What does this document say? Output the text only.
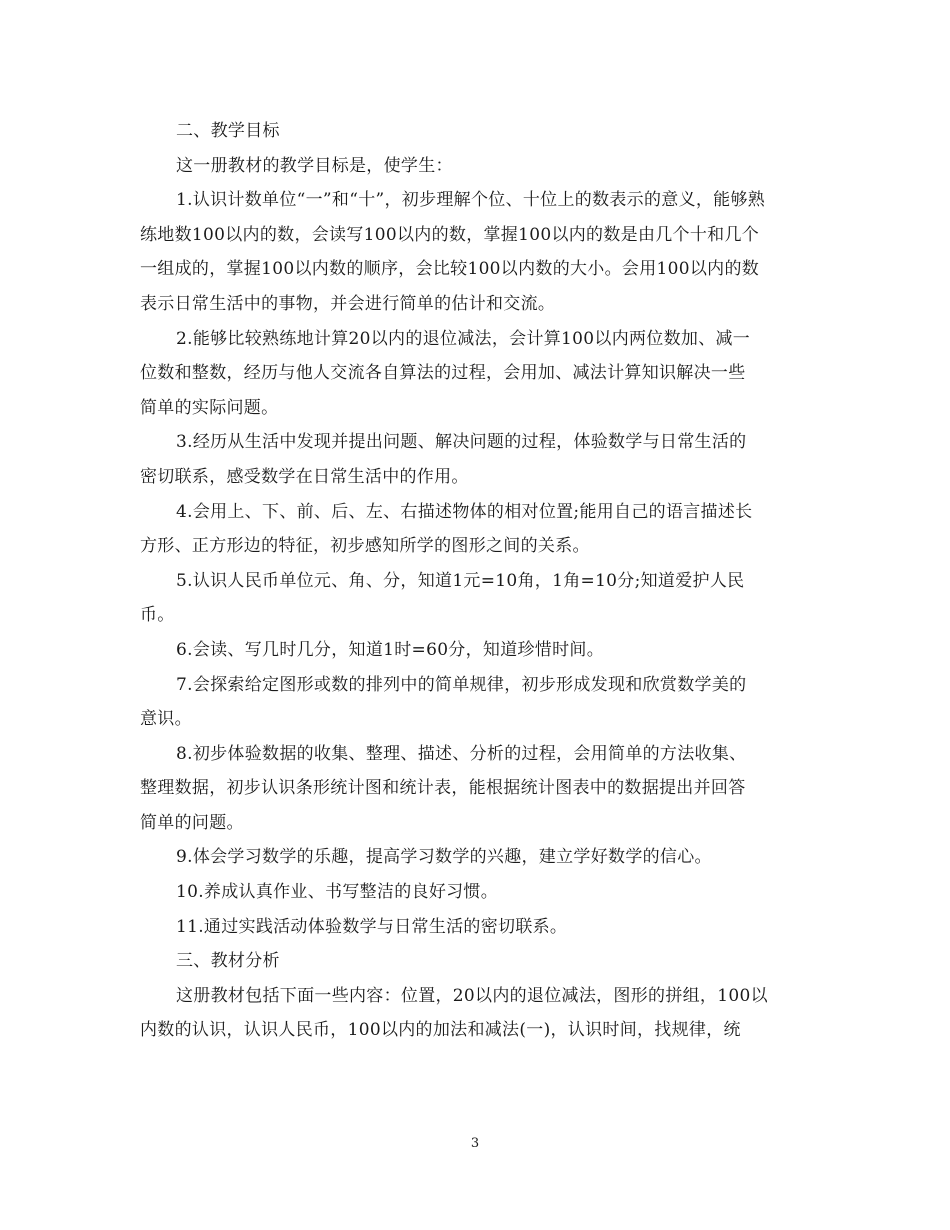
二、教学目标
这一册教材的教学目标是，使学生：
1.认识计数单位“一”和“十”，初步理解个位、十位上的数表示的意义，能够熟
练地数100以内的数，会读写100以内的数，掌握100以内的数是由几个十和几个
一组成的，掌握100以内数的顺序，会比较100以内数的大小。会用100以内的数
表示日常生活中的事物，并会进行简单的估计和交流。
2.能够比较熟练地计算20以内的退位减法，会计算100以内两位数加、减一
位数和整数，经历与他人交流各自算法的过程，会用加、减法计算知识解决一些
简单的实际问题。
3.经历从生活中发现并提出问题、解决问题的过程，体验数学与日常生活的
密切联系，感受数学在日常生活中的作用。
4.会用上、下、前、后、左、右描述物体的相对位置;能用自己的语言描述长
方形、正方形边的特征，初步感知所学的图形之间的关系。
5.认识人民币单位元、角、分，知道1元=10角，1角=10分;知道爱护人民
币。
6.会读、写几时几分，知道1时=60分，知道珍惜时间。
7.会探索给定图形或数的排列中的简单规律，初步形成发现和欣赏数学美的
意识。
8.初步体验数据的收集、整理、描述、分析的过程，会用简单的方法收集、
整理数据，初步认识条形统计图和统计表，能根据统计图表中的数据提出并回答
简单的问题。
9.体会学习数学的乐趣，提高学习数学的兴趣，建立学好数学的信心。
10.养成认真作业、书写整洁的良好习惯。
11.通过实践活动体验数学与日常生活的密切联系。
三、教材分析
这册教材包括下面一些内容：位置，20以内的退位减法，图形的拼组，100以
内数的认识，认识人民币，100以内的加法和减法(一)，认识时间，找规律，统
3
